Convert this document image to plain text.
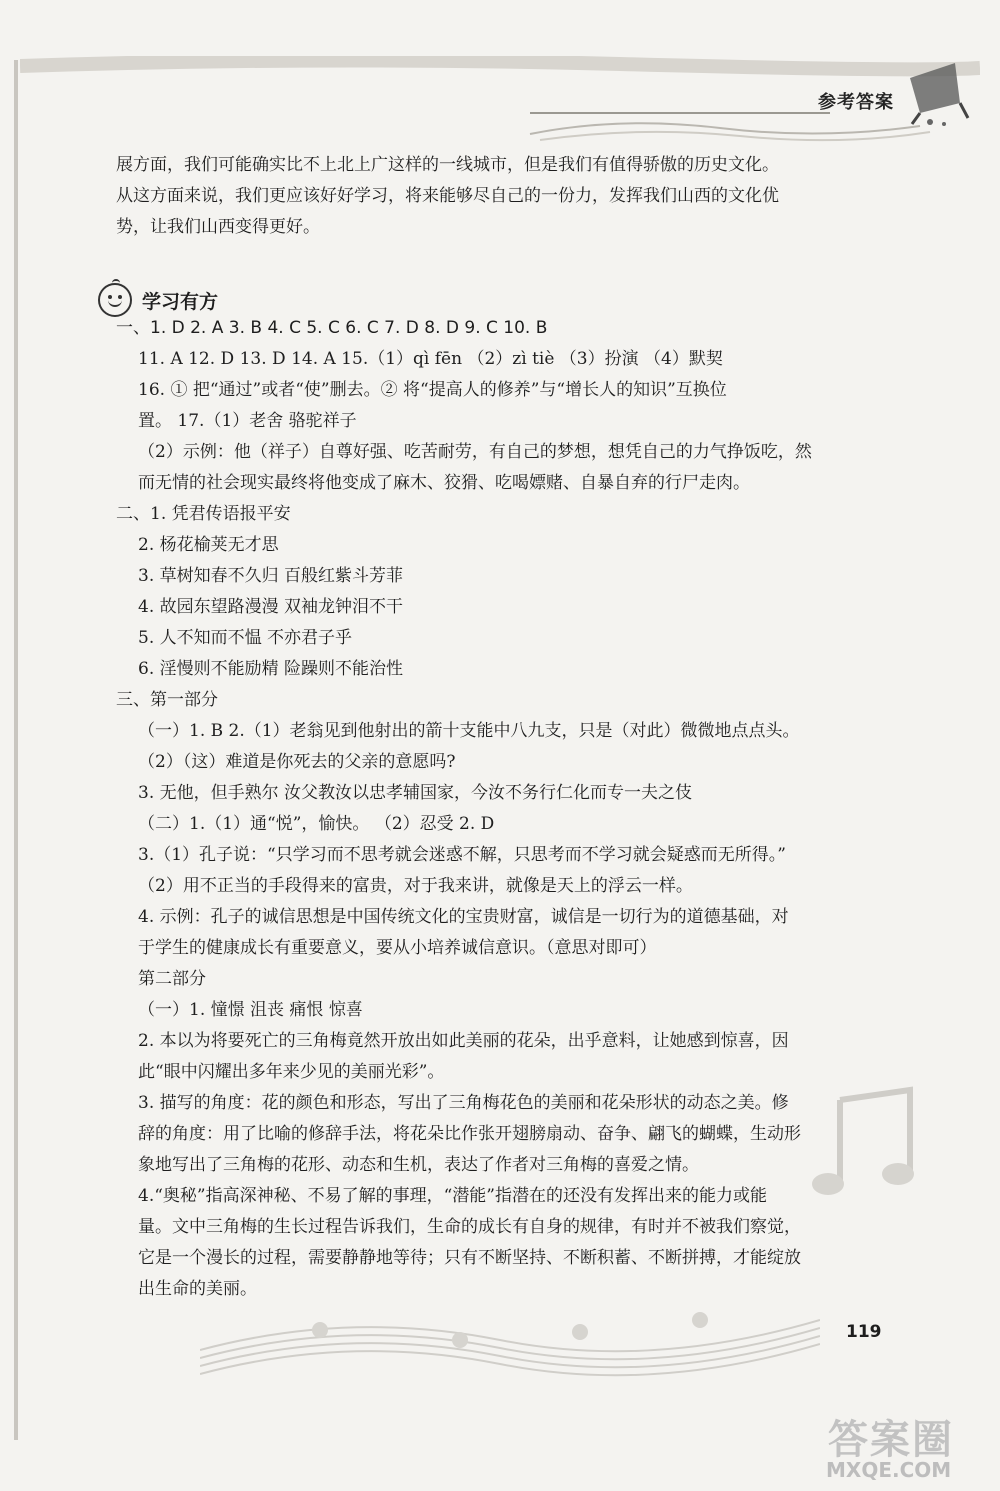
参考答案
展方面，我们可能确实比不上北上广这样的一线城市，但是我们有值得骄傲的历史文化。
从这方面来说，我们更应该好好学习，将来能够尽自己的一份力，发挥我们山西的文化优
势，让我们山西变得更好。
学习有方
一、1. D 2. A 3. B 4. C 5. C 6. C 7. D 8. D 9. C 10. B
11. A 12. D 13. D 14. A 15.（1）qì fēn （2）zì tiè （3）扮演 （4）默契
16. ① 把“通过”或者“使”删去。② 将“提高人的修养”与“增长人的知识”互换位
置。 17.（1）老舍 骆驼祥子
（2）示例：他（祥子）自尊好强、吃苦耐劳，有自己的梦想，想凭自己的力气挣饭吃，然
而无情的社会现实最终将他变成了麻木、狡猾、吃喝嫖赌、自暴自弃的行尸走肉。
二、1. 凭君传语报平安
2. 杨花榆荚无才思
3. 草树知春不久归 百般红紫斗芳菲
4. 故园东望路漫漫 双袖龙钟泪不干
5. 人不知而不愠 不亦君子乎
6. 淫慢则不能励精 险躁则不能治性
三、第一部分
（一）1. B 2.（1）老翁见到他射出的箭十支能中八九支，只是（对此）微微地点点头。
（2）（这）难道是你死去的父亲的意愿吗?
3. 无他，但手熟尔 汝父教汝以忠孝辅国家，今汝不务行仁化而专一夫之伎
（二）1.（1）通“悦”，愉快。 （2）忍受 2. D
3.（1）孔子说：“只学习而不思考就会迷惑不解，只思考而不学习就会疑惑而无所得。”
（2）用不正当的手段得来的富贵，对于我来讲，就像是天上的浮云一样。
4. 示例：孔子的诚信思想是中国传统文化的宝贵财富，诚信是一切行为的道德基础，对
于学生的健康成长有重要意义，要从小培养诚信意识。（意思对即可）
第二部分
（一）1. 憧憬 沮丧 痛恨 惊喜
2. 本以为将要死亡的三角梅竟然开放出如此美丽的花朵，出乎意料，让她感到惊喜，因
此“眼中闪耀出多年来少见的美丽光彩”。
3. 描写的角度：花的颜色和形态，写出了三角梅花色的美丽和花朵形状的动态之美。修
辞的角度：用了比喻的修辞手法，将花朵比作张开翅膀扇动、奋争、翩飞的蝴蝶，生动形
象地写出了三角梅的花形、动态和生机，表达了作者对三角梅的喜爱之情。
4.“奥秘”指高深神秘、不易了解的事理，“潜能”指潜在的还没有发挥出来的能力或能
量。文中三角梅的生长过程告诉我们，生命的成长有自身的规律，有时并不被我们察觉，
它是一个漫长的过程，需要静静地等待；只有不断坚持、不断积蓄、不断拼搏，才能绽放
出生命的美丽。
119
答案圈
MXQE.COM
